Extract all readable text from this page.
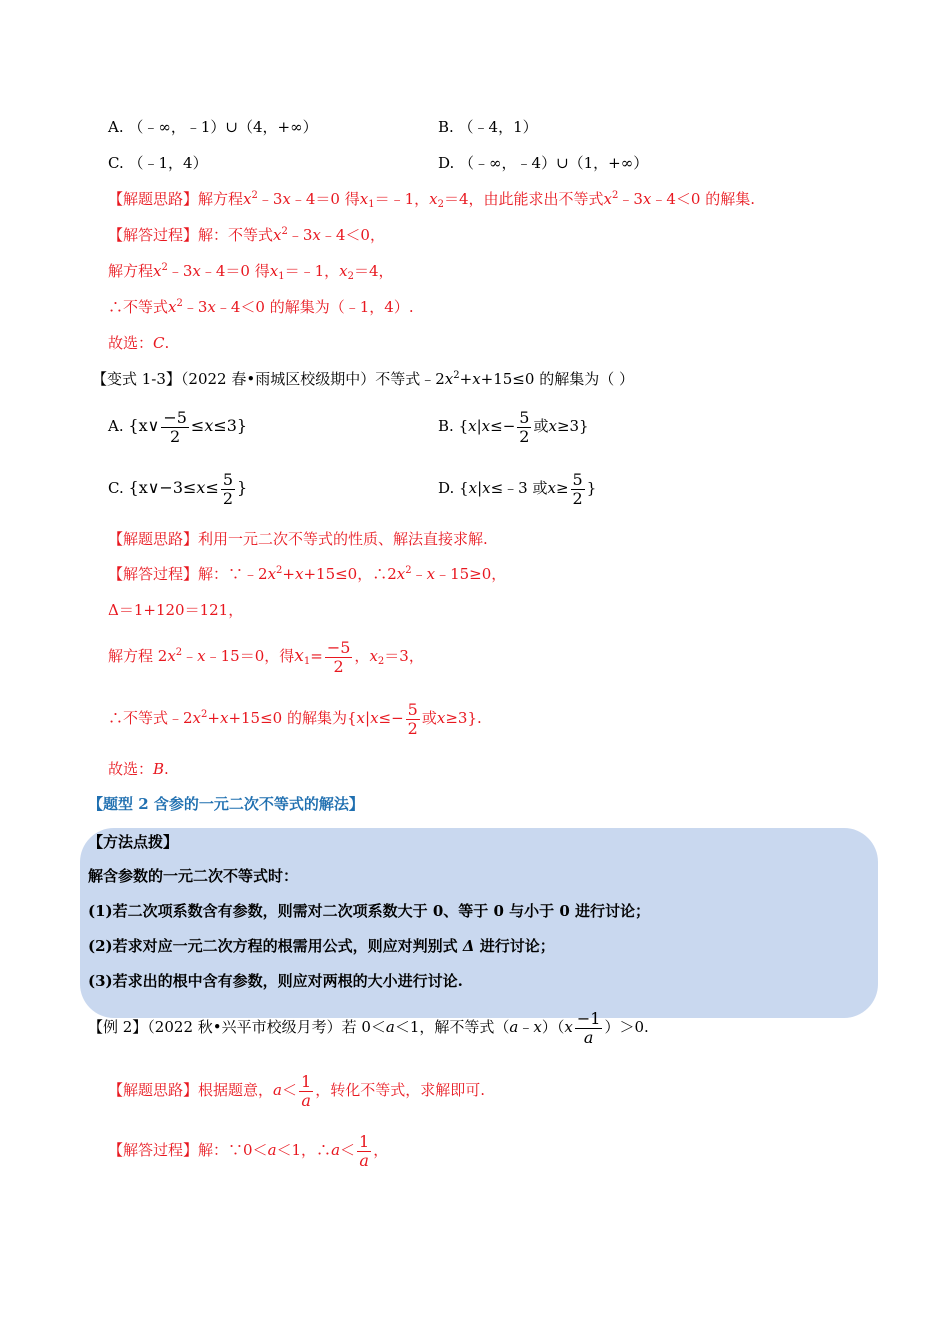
A. （﹣∞，﹣1）∪（4，+∞）	B. （﹣4，1）
C. （﹣1，4）	D. （﹣∞，﹣4）∪（1，+∞）
【解题思路】解方程$x^2﹣3x﹣4=0$ 得$x_1=﹣1$，$x_2=4$，由此能求出不等式$x^2﹣3x﹣4<0$ 的解集.
【解答过程】解：不等式$x^2﹣3x﹣4<0$，
解方程$x^2﹣3x﹣4=0$ 得$x_1=﹣1$，$x_2=4$，
∴不等式$x^2﹣3x﹣4<0$ 的解集为（﹣1，4）.
故选：C.
【变式 1-3】（2022 春•雨城区校级期中）不等式$﹣2x^2+x+15\le 0$ 的解集为（ ）
A. {x∨ $\frac{-5}{2} \le x\le 3$}	B. {$x|x\le- \frac{5}{2}$ 或x≥3}
C. {x∨−3≤x≤ $\frac{5}{2}$ }	D. {x|x≤﹣3 或$x\ge \frac{5}{2}$ }
【解题思路】利用一元二次不等式的性质、解法直接求解.
【解答过程】解：$\because﹣2x^2+x+15\le 0$，$\therefore 2x^2﹣x﹣15\ge 0$，
Δ＝1+120＝121，
解方程 $2x^2﹣x﹣15=0$，得$x_1= \frac{-5}{2}$ ，$x_2=3$，
∴不等式$﹣2x^2+x+15\le 0$ 的解集为{$x|x\le- \frac{5}{2}$ 或x≥3}.
故选：B.
【题型 2 含参的一元二次不等式的解法】
【方法点拨】
解含参数的一元二次不等式时：
(1)若二次项系数含有参数，则需对二次项系数大于 0、等于 0 与小于 0 进行讨论；
(2)若求对应一元二次方程的根需用公式，则应对判别式 Δ 进行讨论；
(3)若求出的根中含有参数，则应对两根的大小进行讨论.
【例 2】（2022 秋•兴平市校级月考）若 0＜a＜1，解不等式（a﹣x）（x $\frac{-1}{a} )>0$.
【解题思路】根据题意，$a< \frac{1}{a}$ ，转化不等式，求解即可.
【解答过程】解：∵0＜a＜1，∴a＜ $\frac{1}{a}$ ，
